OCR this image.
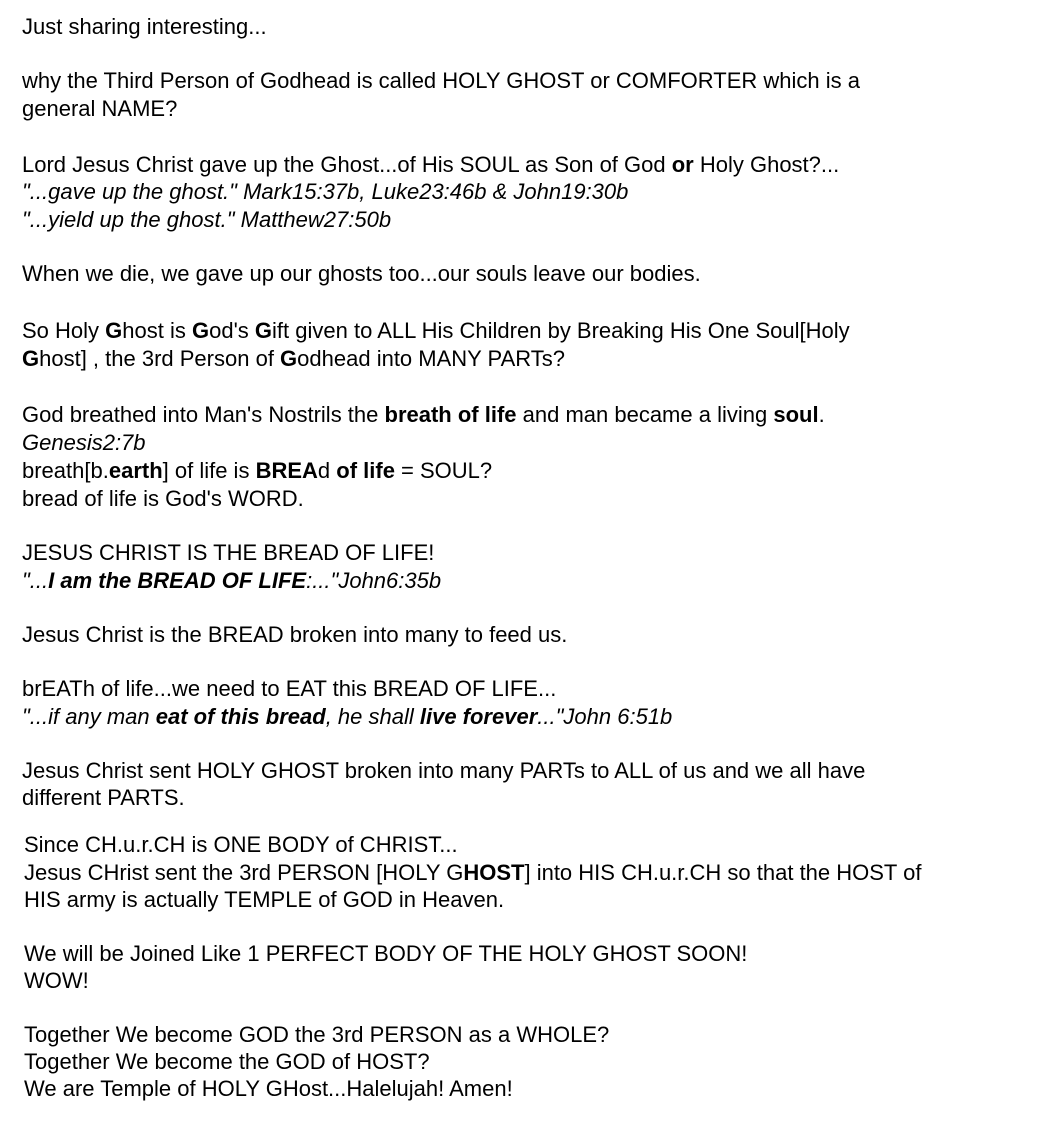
Just sharing interesting...
why the Third Person of Godhead is called HOLY GHOST or COMFORTER which is a
general NAME?
Lord Jesus Christ gave up the Ghost...of His SOUL as Son of God or Holy Ghost?...
"...gave up the ghost." Mark15:37b, Luke23:46b & John19:30b
"...yield up the ghost." Matthew27:50b
When we die, we gave up our ghosts too...our souls leave our bodies.
So Holy Ghost is God's Gift given to ALL His Children by Breaking His One Soul[Holy
Ghost] , the 3rd Person of Godhead into MANY PARTs?
God breathed into Man's Nostrils the breath of life and man became a living soul.
Genesis2:7b
breath[b.earth] of life is BREAd of life = SOUL?
bread of life is God's WORD.
JESUS CHRIST IS THE BREAD OF LIFE!
"...I am the BREAD OF LIFE:..."John6:35b
Jesus Christ is the BREAD broken into many to feed us.
brEATh of life...we need to EAT this BREAD OF LIFE...
"...if any man eat of this bread, he shall live forever..."John 6:51b
Jesus Christ sent HOLY GHOST broken into many PARTs to ALL of us and we all have
different PARTS.
Since CH.u.r.CH is ONE BODY of CHRIST...
Jesus CHrist sent the 3rd PERSON [HOLY GHOST] into HIS CH.u.r.CH so that the HOST of
HIS army is actually TEMPLE of GOD in Heaven.
We will be Joined Like 1 PERFECT BODY OF THE HOLY GHOST SOON!
WOW!
Together We become GOD the 3rd PERSON as a WHOLE?
Together We become the GOD of HOST?
We are Temple of HOLY GHost...Halelujah! Amen!
